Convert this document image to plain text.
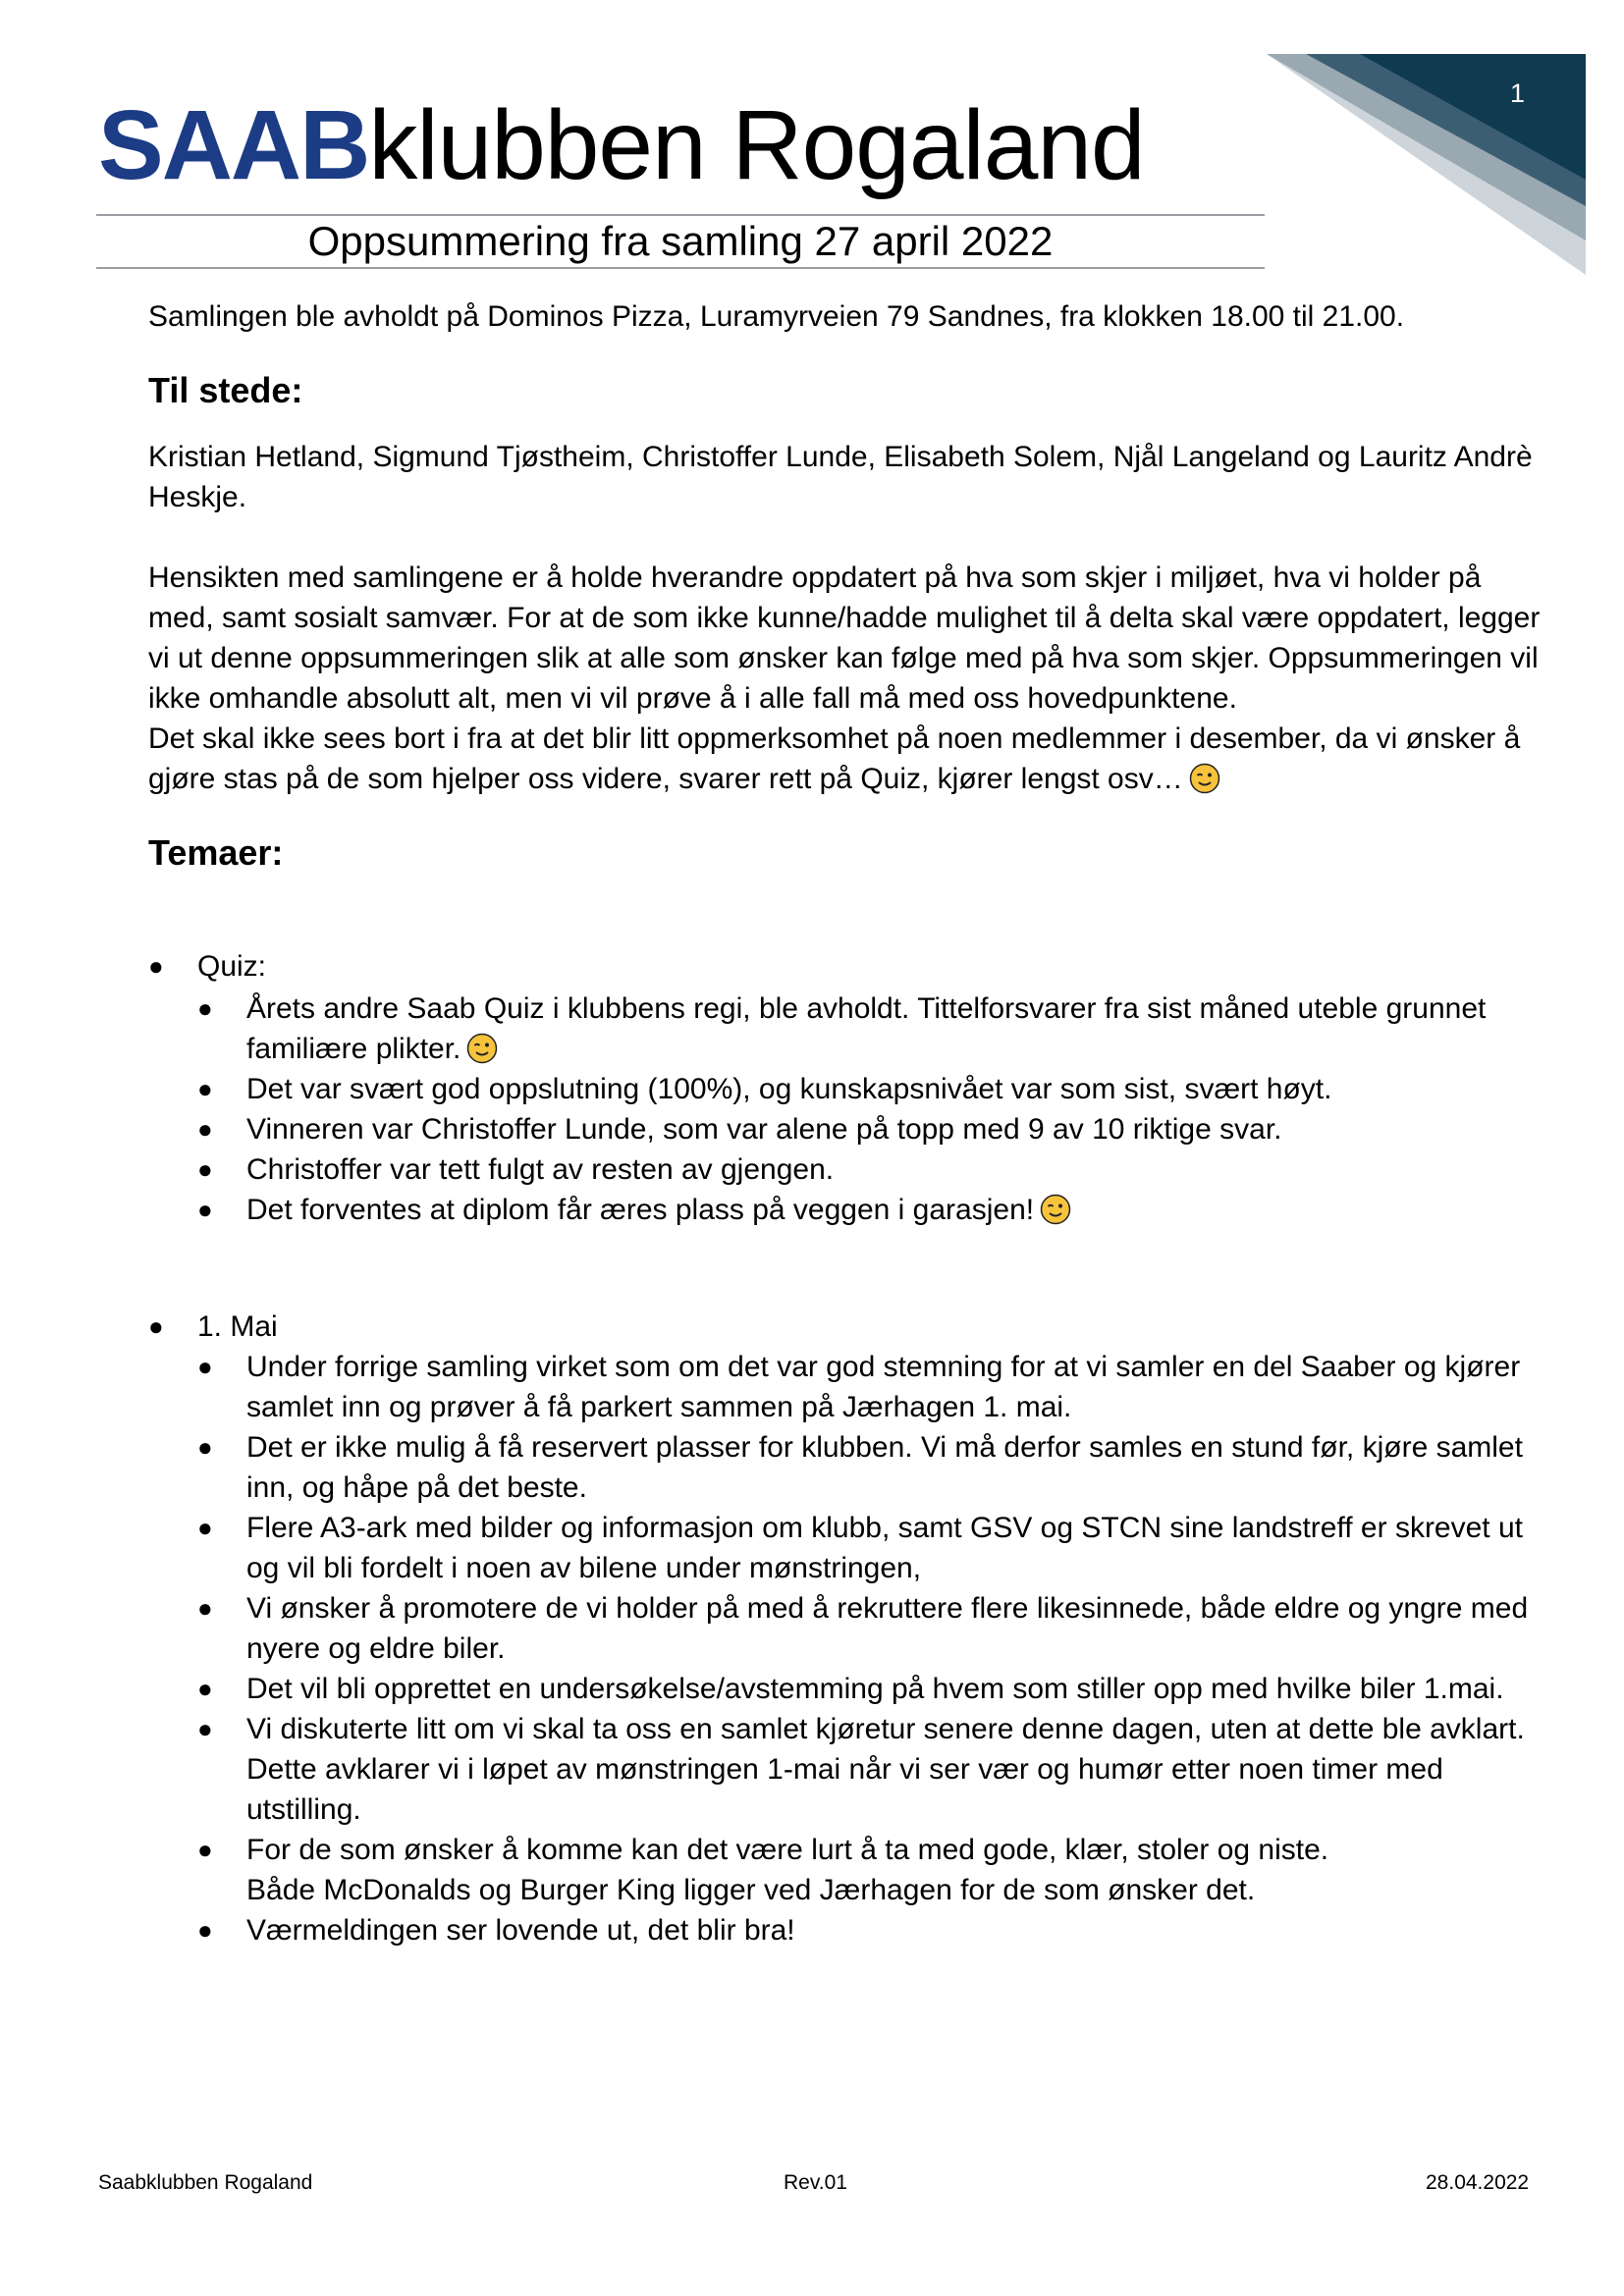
1
SAABklubben Rogaland
Oppsummering fra samling 27 april 2022

Samlingen ble avholdt på Dominos Pizza, Luramyrveien 79 Sandnes, fra klokken 18.00 til 21.00.

Til stede:

Kristian Hetland, Sigmund Tjøstheim, Christoffer Lunde, Elisabeth Solem, Njål Langeland og Lauritz Andrè Heskje.

Hensikten med samlingene er å holde hverandre oppdatert på hva som skjer i miljøet, hva vi holder på med, samt sosialt samvær. For at de som ikke kunne/hadde mulighet til å delta skal være oppdatert, legger vi ut denne oppsummeringen slik at alle som ønsker kan følge med på hva som skjer. Oppsummeringen vil ikke omhandle absolutt alt, men vi vil prøve å i alle fall må med oss hovedpunktene.

Det skal ikke sees bort i fra at det blir litt oppmerksomhet på noen medlemmer i desember, da vi ønsker å gjøre stas på de som hjelper oss videre, svarer rett på Quiz, kjører lengst osv…

Temaer:
● Quiz:
● Årets andre Saab Quiz i klubbens regi, ble avholdt. Tittelforsvarer fra sist måned uteble grunnet familiære plikter.
● Det var svært god oppslutning (100%), og kunskapsnivået var som sist, svært høyt.
● Vinneren var Christoffer Lunde, som var alene på topp med 9 av 10 riktige svar.
● Christoffer var tett fulgt av resten av gjengen.
● Det forventes at diplom får æres plass på veggen i garasjen!
● 1. Mai
● Under forrige samling virket som om det var god stemning for at vi samler en del Saaber og kjører samlet inn og prøver å få parkert sammen på Jærhagen 1. mai.
● Det er ikke mulig å få reservert plasser for klubben. Vi må derfor samles en stund før, kjøre samlet inn, og håpe på det beste.
● Flere A3-ark med bilder og informasjon om klubb, samt GSV og STCN sine landstreff er skrevet ut og vil bli fordelt i noen av bilene under mønstringen,
● Vi ønsker å promotere de vi holder på med å rekruttere flere likesinnede, både eldre og yngre med nyere og eldre biler.
● Det vil bli opprettet en undersøkelse/avstemming på hvem som stiller opp med hvilke biler 1.mai.
● Vi diskuterte litt om vi skal ta oss en samlet kjøretur senere denne dagen, uten at dette ble avklart. Dette avklarer vi i løpet av mønstringen 1-mai når vi ser vær og humør etter noen timer med utstilling.
● For de som ønsker å komme kan det være lurt å ta med gode, klær, stoler og niste.
Både McDonalds og Burger King ligger ved Jærhagen for de som ønsker det.
● Værmeldingen ser lovende ut, det blir bra!
Saabklubben Rogaland	Rev.01	28.04.2022
